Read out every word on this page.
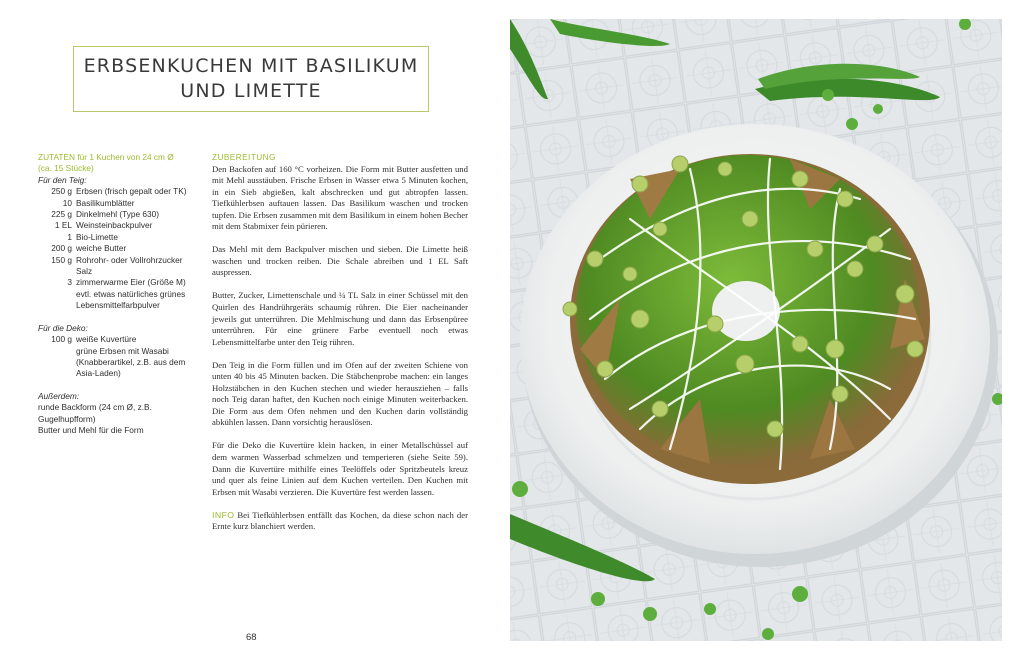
ERBSENKUCHEN MIT BASILIKUM
UND LIMETTE
ZUTATEN für 1 Kuchen von 24 cm Ø
(ca. 15 Stücke)
Für den Teig:
250 g Erbsen (frisch gepalt oder TK)
10 Basilikumblätter
225 g Dinkelmehl (Type 630)
1 EL Weinsteinbackpulver
1 Bio-Limette
200 g weiche Butter
150 g Rohrohr- oder Vollrohrzucker
Salz
3 zimmerwarme Eier (Größe M)
evtl. etwas natürliches grünes Lebensmittelfarbpulver
Für die Deko:
100 g weiße Kuvertüre
grüne Erbsen mit Wasabi (Knabberartikel, z.B. aus dem Asia-Laden)
Außerdem:
runde Backform (24 cm Ø, z.B. Gugelhupfform)
Butter und Mehl für die Form
ZUBEREITUNG

Den Backofen auf 160 °C vorheizen. Die Form mit Butter ausfetten und mit Mehl ausstäuben. Frische Erbsen in Wasser etwa 5 Minuten kochen, in ein Sieb abgießen, kalt abschrecken und gut abtropfen lassen. Tiefkühlerbsen auftauen lassen. Das Basilikum waschen und trocken tupfen. Die Erbsen zusammen mit dem Basilikum in einem hohen Becher mit dem Stabmixer fein pürieren.

Das Mehl mit dem Backpulver mischen und sieben. Die Limette heiß waschen und trocken reiben. Die Schale abreiben und 1 EL Saft auspressen.

Butter, Zucker, Limettenschale und ¼ TL Salz in einer Schüssel mit den Quirlen des Handrührgeräts schaumig rühren. Die Eier nacheinander jeweils gut unterrühren. Die Mehlmischung und dann das Erbsenpüree unterrühren. Für eine grünere Farbe eventuell noch etwas Lebensmittelfarbe unter den Teig rühren.

Den Teig in die Form füllen und im Ofen auf der zweiten Schiene von unten 40 bis 45 Minuten backen. Die Stäbchenprobe machen: ein langes Holzstäbchen in den Kuchen stechen und wieder herausziehen – falls noch Teig daran haftet, den Kuchen noch einige Minuten weiterbacken. Die Form aus dem Ofen nehmen und den Kuchen darin vollständig abkühlen lassen. Dann vorsichtig herauslösen.

Für die Deko die Kuvertüre klein hacken, in einer Metallschüssel auf dem warmen Wasserbad schmelzen und temperieren (siehe Seite 59). Dann die Kuvertüre mithilfe eines Teelöffels oder Spritzbeutels kreuz und quer als feine Linien auf dem Kuchen verteilen. Den Kuchen mit Erbsen mit Wasabi verzieren. Die Kuvertüre fest werden lassen.

INFO Bei Tiefkühlerbsen entfällt das Kochen, da diese schon nach der Ernte kurz blanchiert werden.

68
